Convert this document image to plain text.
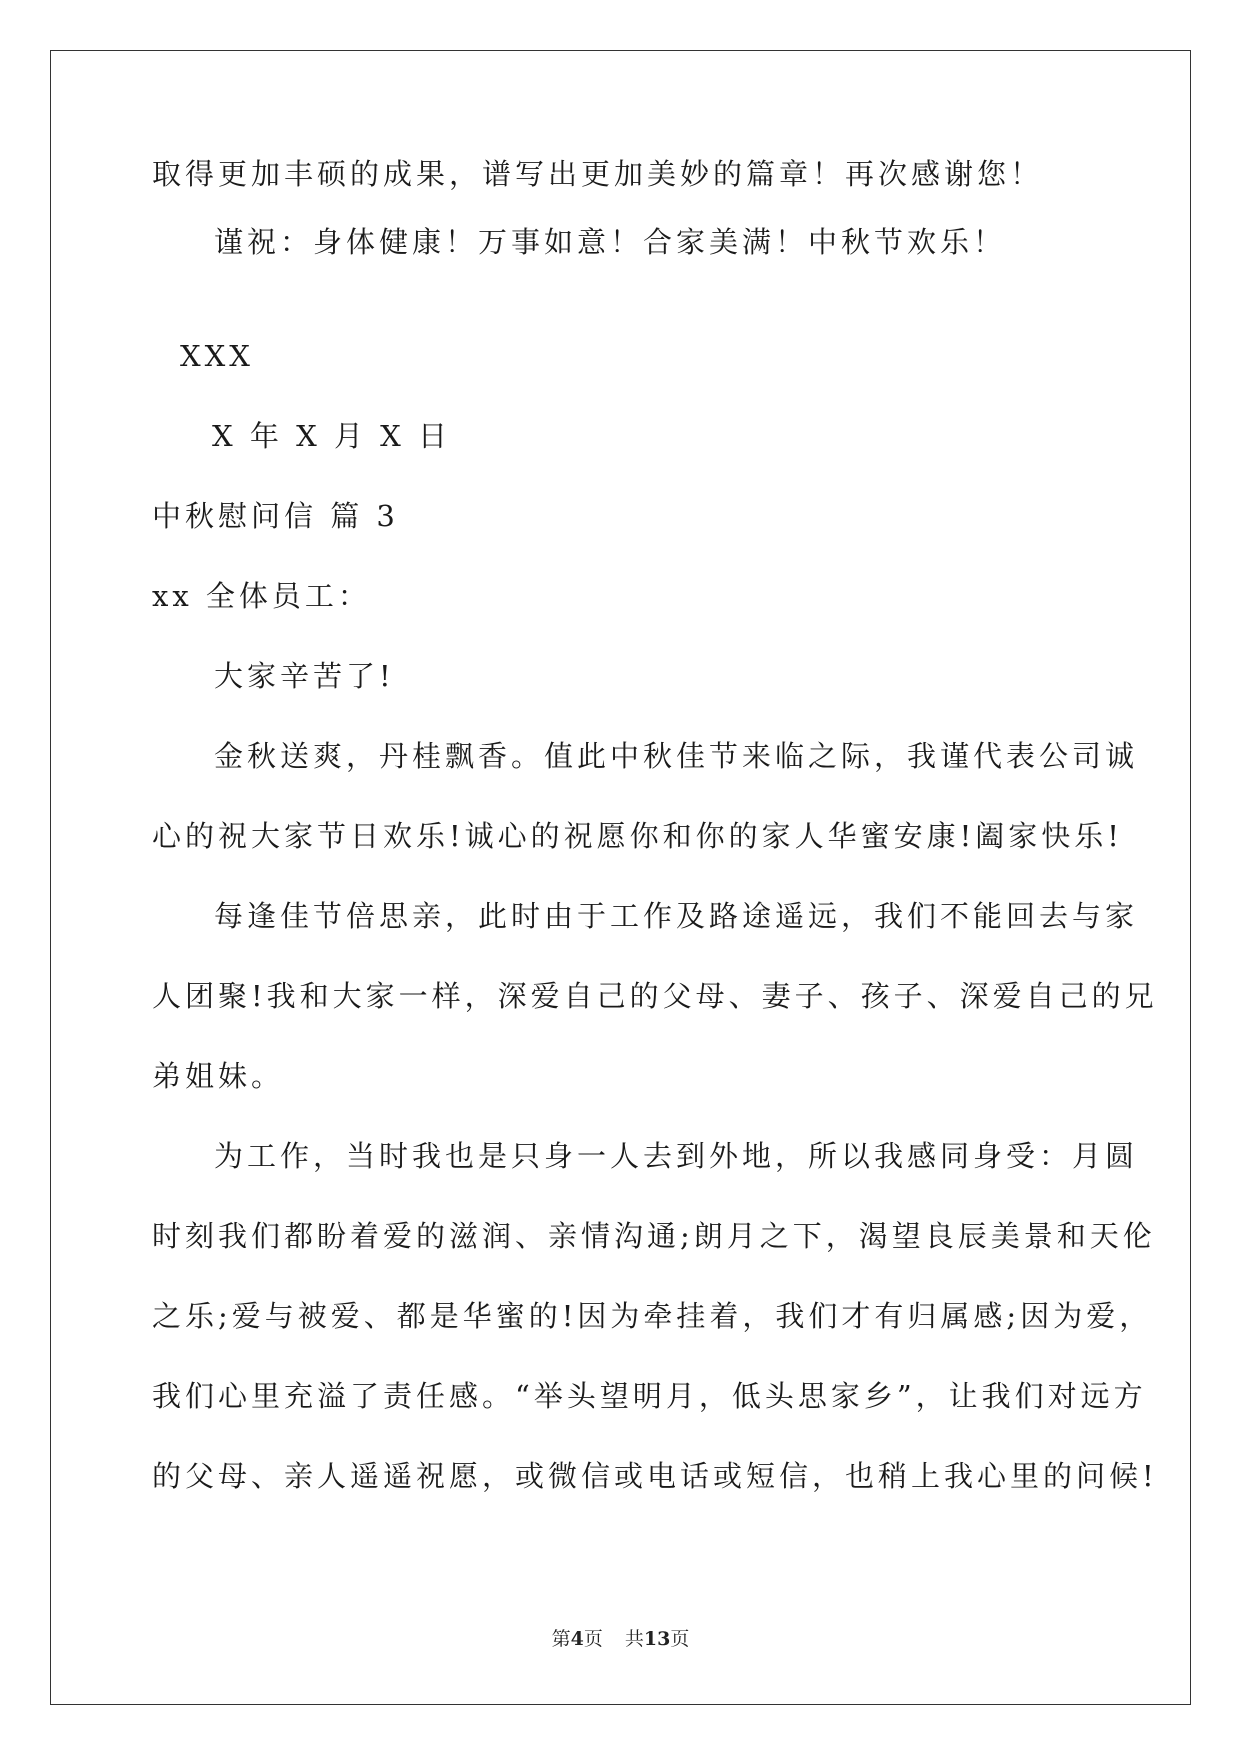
取得更加丰硕的成果，谱写出更加美妙的篇章！再次感谢您！
谨祝：身体健康！万事如意！合家美满！中秋节欢乐！
XXX
X 年 X 月 X 日
中秋慰问信 篇 3
xx 全体员工：
大家辛苦了!
金秋送爽，丹桂飘香。值此中秋佳节来临之际，我谨代表公司诚
心的祝大家节日欢乐!诚心的祝愿你和你的家人华蜜安康!阖家快乐!
每逢佳节倍思亲，此时由于工作及路途遥远，我们不能回去与家
人团聚!我和大家一样，深爱自己的父母、妻子、孩子、深爱自己的兄
弟姐妹。
为工作，当时我也是只身一人去到外地，所以我感同身受：月圆
时刻我们都盼着爱的滋润、亲情沟通;朗月之下，渴望良辰美景和天伦
之乐;爱与被爱、都是华蜜的!因为牵挂着，我们才有归属感;因为爱，
我们心里充溢了责任感。“举头望明月，低头思家乡”，让我们对远方
的父母、亲人遥遥祝愿，或微信或电话或短信，也稍上我心里的问候!
第4页 共13页
